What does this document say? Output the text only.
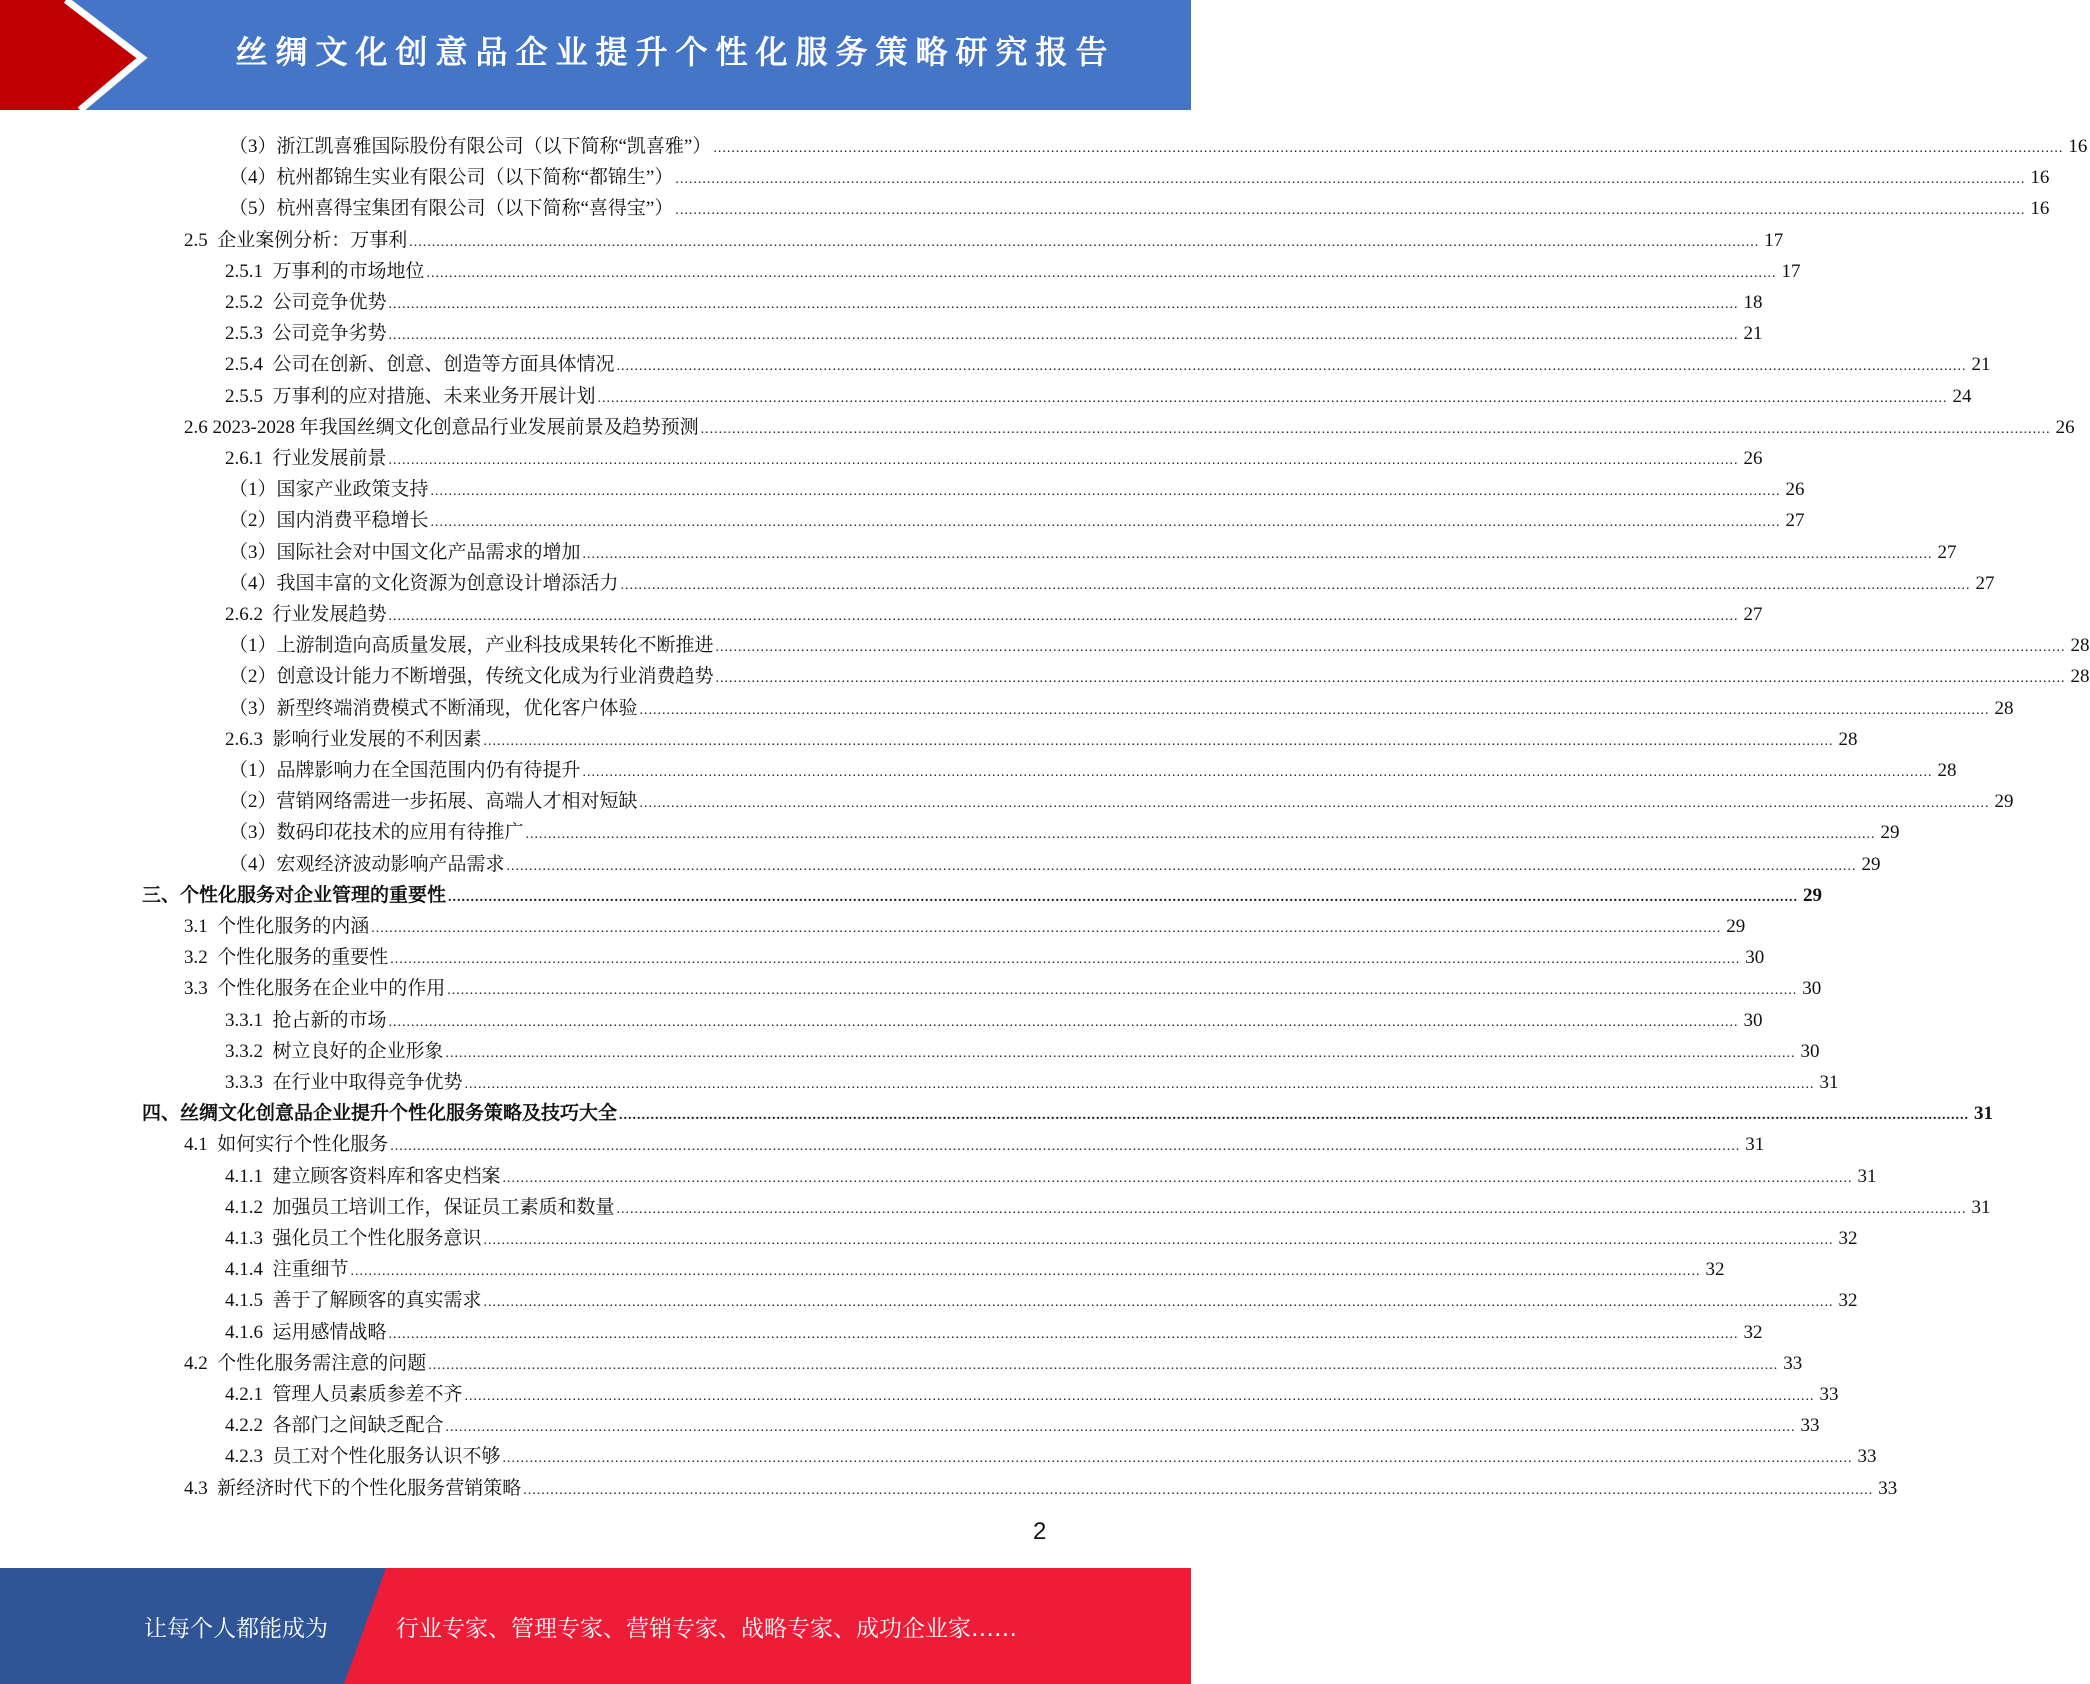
丝绸文化创意品企业提升个性化服务策略研究报告
（3）浙江凯喜雅国际股份有限公司（以下简称“凯喜雅”） ............................................................................................................................................................................................................................................................................................................ 16
（4）杭州都锦生实业有限公司（以下简称“都锦生”） ............................................................................................................................................................................................................................................................................................................ 16
（5）杭州喜得宝集团有限公司（以下简称“喜得宝”） ............................................................................................................................................................................................................................................................................................................ 16
2.5  企业案例分析：万事利 ............................................................................................................................................................................................................................................................................................................ 17
2.5.1  万事利的市场地位 ............................................................................................................................................................................................................................................................................................................ 17
2.5.2  公司竞争优势 ............................................................................................................................................................................................................................................................................................................ 18
2.5.3  公司竞争劣势 ............................................................................................................................................................................................................................................................................................................ 21
2.5.4  公司在创新、创意、创造等方面具体情况 ............................................................................................................................................................................................................................................................................................................ 21
2.5.5  万事利的应对措施、未来业务开展计划 ............................................................................................................................................................................................................................................................................................................ 24
2.6 2023-2028 年我国丝绸文化创意品行业发展前景及趋势预测 ............................................................................................................................................................................................................................................................................................................ 26
2.6.1  行业发展前景 ............................................................................................................................................................................................................................................................................................................ 26
（1）国家产业政策支持 ............................................................................................................................................................................................................................................................................................................ 26
（2）国内消费平稳增长 ............................................................................................................................................................................................................................................................................................................ 27
（3）国际社会对中国文化产品需求的增加 ............................................................................................................................................................................................................................................................................................................ 27
（4）我国丰富的文化资源为创意设计增添活力 ............................................................................................................................................................................................................................................................................................................ 27
2.6.2  行业发展趋势 ............................................................................................................................................................................................................................................................................................................ 27
（1）上游制造向高质量发展，产业科技成果转化不断推进 ............................................................................................................................................................................................................................................................................................................ 28
（2）创意设计能力不断增强，传统文化成为行业消费趋势 ............................................................................................................................................................................................................................................................................................................ 28
（3）新型终端消费模式不断涌现，优化客户体验 ............................................................................................................................................................................................................................................................................................................ 28
2.6.3  影响行业发展的不利因素 ............................................................................................................................................................................................................................................................................................................ 28
（1）品牌影响力在全国范围内仍有待提升 ............................................................................................................................................................................................................................................................................................................ 28
（2）营销网络需进一步拓展、高端人才相对短缺 ............................................................................................................................................................................................................................................................................................................ 29
（3）数码印花技术的应用有待推广 ............................................................................................................................................................................................................................................................................................................ 29
（4）宏观经济波动影响产品需求 ............................................................................................................................................................................................................................................................................................................ 29
三、个性化服务对企业管理的重要性 ............................................................................................................................................................................................................................................................................................................ 29
3.1  个性化服务的内涵 ............................................................................................................................................................................................................................................................................................................ 29
3.2  个性化服务的重要性 ............................................................................................................................................................................................................................................................................................................ 30
3.3  个性化服务在企业中的作用 ............................................................................................................................................................................................................................................................................................................ 30
3.3.1  抢占新的市场 ............................................................................................................................................................................................................................................................................................................ 30
3.3.2  树立良好的企业形象 ............................................................................................................................................................................................................................................................................................................ 30
3.3.3  在行业中取得竞争优势 ............................................................................................................................................................................................................................................................................................................ 31
四、丝绸文化创意品企业提升个性化服务策略及技巧大全 ............................................................................................................................................................................................................................................................................................................ 31
4.1  如何实行个性化服务 ............................................................................................................................................................................................................................................................................................................ 31
4.1.1  建立顾客资料库和客史档案 ............................................................................................................................................................................................................................................................................................................ 31
4.1.2  加强员工培训工作，保证员工素质和数量 ............................................................................................................................................................................................................................................................................................................ 31
4.1.3  强化员工个性化服务意识 ............................................................................................................................................................................................................................................................................................................ 32
4.1.4  注重细节 ............................................................................................................................................................................................................................................................................................................ 32
4.1.5  善于了解顾客的真实需求 ............................................................................................................................................................................................................................................................................................................ 32
4.1.6  运用感情战略 ............................................................................................................................................................................................................................................................................................................ 32
4.2  个性化服务需注意的问题 ............................................................................................................................................................................................................................................................................................................ 33
4.2.1  管理人员素质参差不齐 ............................................................................................................................................................................................................................................................................................................ 33
4.2.2  各部门之间缺乏配合 ............................................................................................................................................................................................................................................................................................................ 33
4.2.3  员工对个性化服务认识不够 ............................................................................................................................................................................................................................................................................................................ 33
4.3  新经济时代下的个性化服务营销策略 ............................................................................................................................................................................................................................................................................................................ 33
2
让每个人都能成为	行业专家、管理专家、营销专家、战略专家、成功企业家……
